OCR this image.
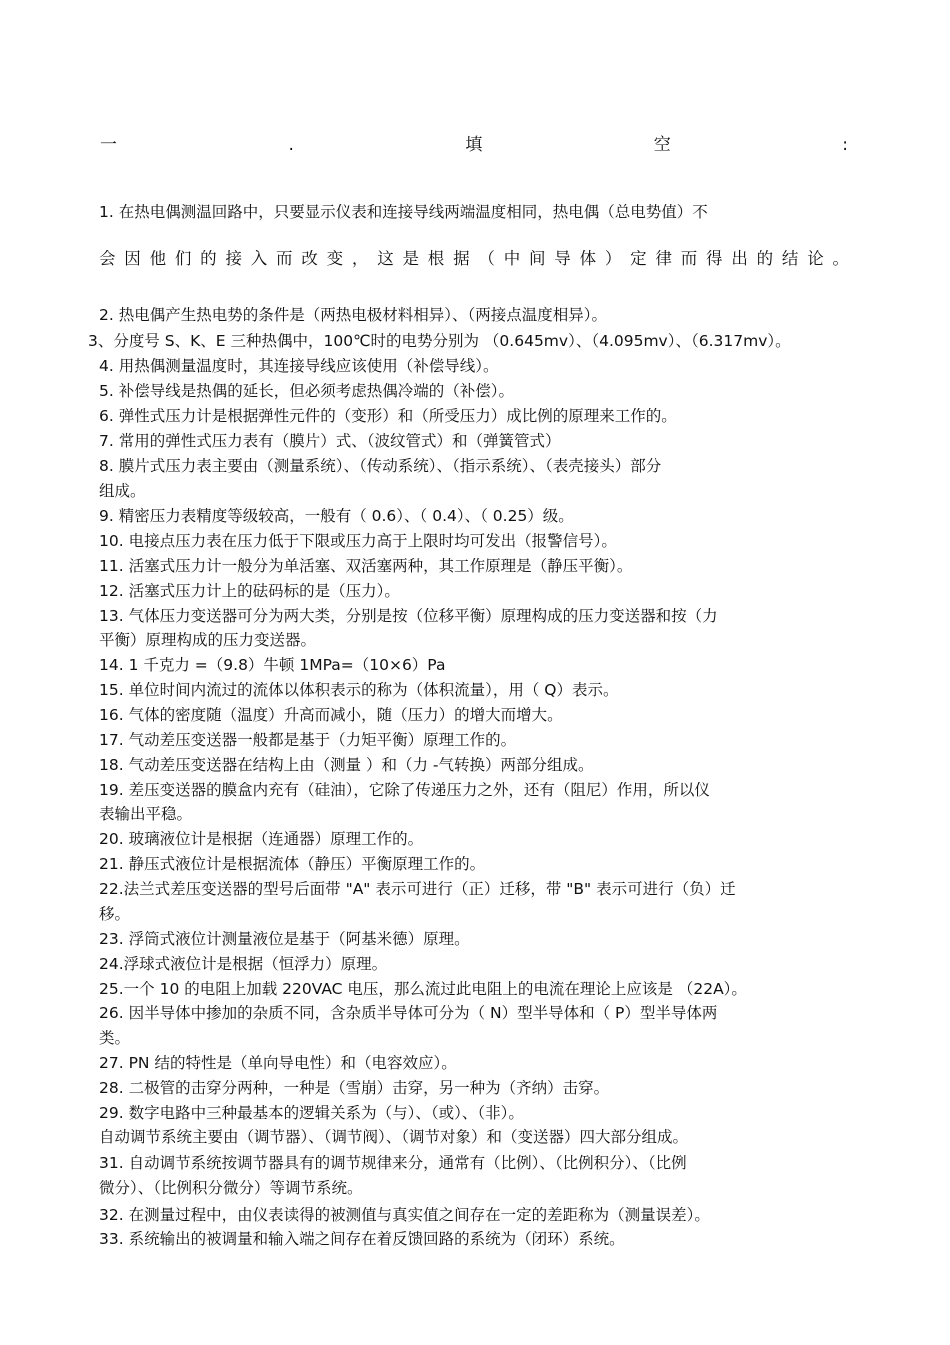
一	.	填	空	:
1. 在热电偶测温回路中，只要显示仪表和连接导线两端温度相同，热电偶（总电势值）不
会因他们的接入而改变，这是根据（中间导体）定律而得出的结论。
2. 热电偶产生热电势的条件是（两热电极材料相异）、（两接点温度相异）。
3、分度号 S、K、E 三种热偶中，100℃时的电势分别为 （0.645mv）、（4.095mv）、（6.317mv）。
4. 用热偶测量温度时，其连接导线应该使用（补偿导线）。
5. 补偿导线是热偶的延长，但必须考虑热偶冷端的（补偿）。
6. 弹性式压力计是根据弹性元件的（变形）和（所受压力）成比例的原理来工作的。
7. 常用的弹性式压力表有（膜片）式、（波纹管式）和（弹簧管式）
8. 膜片式压力表主要由（测量系统）、（传动系统）、（指示系统）、（表壳接头）部分
组成。
9. 精密压力表精度等级较高，一般有（ 0.6）、（ 0.4）、（ 0.25）级。
10. 电接点压力表在压力低于下限或压力高于上限时均可发出（报警信号）。
11. 活塞式压力计一般分为单活塞、双活塞两种，其工作原理是（静压平衡）。
12. 活塞式压力计上的砝码标的是（压力）。
13. 气体压力变送器可分为两大类，分别是按（位移平衡）原理构成的压力变送器和按（力
平衡）原理构成的压力变送器。
14. 1 千克力 =（9.8）牛顿 1MPa=（10×6）Pa
15. 单位时间内流过的流体以体积表示的称为（体积流量），用（ Q）表示。
16. 气体的密度随（温度）升高而减小，随（压力）的增大而增大。
17. 气动差压变送器一般都是基于（力矩平衡）原理工作的。
18. 气动差压变送器在结构上由（测量 ）和（力 -气转换）两部分组成。
19. 差压变送器的膜盒内充有（硅油），它除了传递压力之外，还有（阻尼）作用，所以仪
表输出平稳。
20. 玻璃液位计是根据（连通器）原理工作的。
21. 静压式液位计是根据流体（静压）平衡原理工作的。
22.法兰式差压变送器的型号后面带 "A" 表示可进行（正）迁移，带 "B" 表示可进行（负）迁
移。
23. 浮筒式液位计测量液位是基于（阿基米德）原理。
24.浮球式液位计是根据（恒浮力）原理。
25.一个 10 的电阻上加载 220VAC 电压，那么流过此电阻上的电流在理论上应该是 （22A）。
26. 因半导体中掺加的杂质不同，含杂质半导体可分为（ N）型半导体和（ P）型半导体两
类。
27. PN 结的特性是（单向导电性）和（电容效应）。
28. 二极管的击穿分两种，一种是（雪崩）击穿，另一种为（齐纳）击穿。
29. 数字电路中三种最基本的逻辑关系为（与）、（或）、（非）。
自动调节系统主要由（调节器）、（调节阀）、（调节对象）和（变送器）四大部分组成。
31. 自动调节系统按调节器具有的调节规律来分，通常有（比例）、（比例积分）、（比例
微分）、（比例积分微分）等调节系统。
32. 在测量过程中，由仪表读得的被测值与真实值之间存在一定的差距称为（测量误差）。
33. 系统输出的被调量和输入端之间存在着反馈回路的系统为（闭环）系统。
